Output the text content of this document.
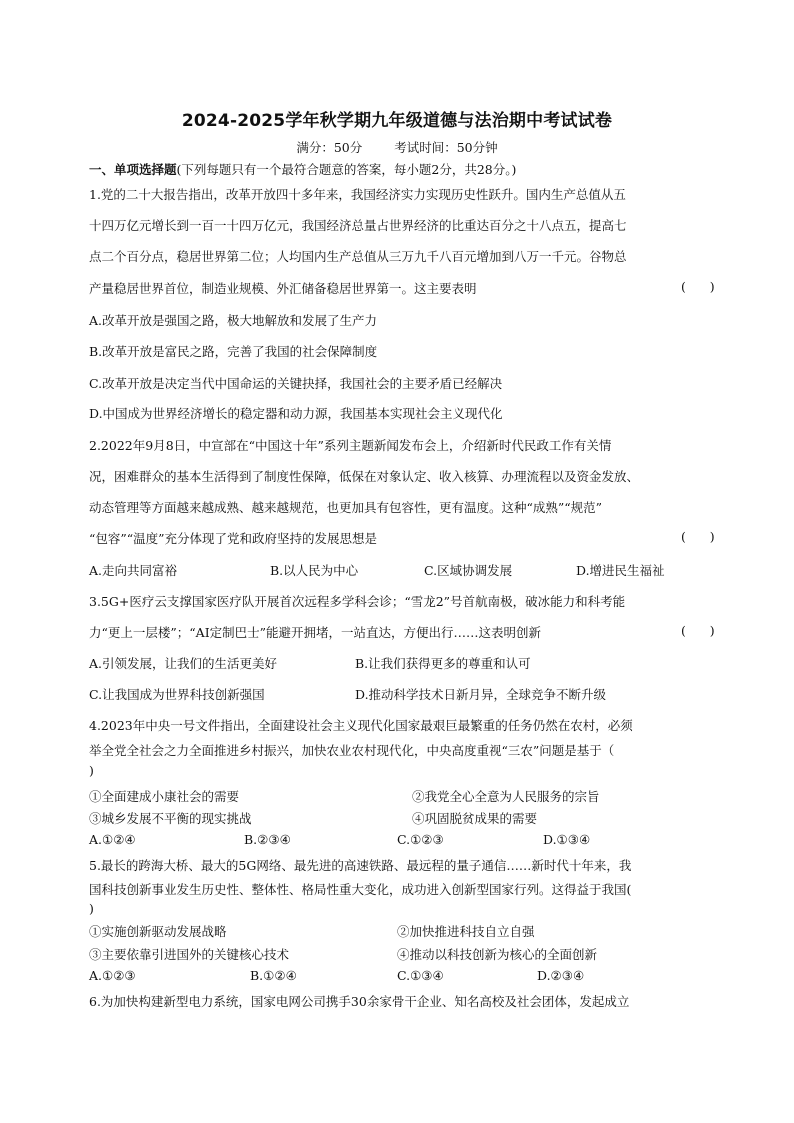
2024-2025学年秋学期九年级道德与法治期中考试试卷
满分：50分	考试时间：50分钟
一、单项选择题(下列每题只有一个最符合题意的答案，每小题2分，共28分。)
1.党的二十大报告指出，改革开放四十多年来，我国经济实力实现历史性跃升。国内生产总值从五
十四万亿元增长到一百一十四万亿元，我国经济总量占世界经济的比重达百分之十八点五，提高七
点二个百分点，稳居世界第二位；人均国内生产总值从三万九千八百元增加到八万一千元。谷物总
产量稳居世界首位，制造业规模、外汇储备稳居世界第一。这主要表明	(      )
A.改革开放是强国之路，极大地解放和发展了生产力
B.改革开放是富民之路，完善了我国的社会保障制度
C.改革开放是决定当代中国命运的关键抉择，我国社会的主要矛盾已经解决
D.中国成为世界经济增长的稳定器和动力源，我国基本实现社会主义现代化
2.2022年9月8日，中宣部在“中国这十年”系列主题新闻发布会上，介绍新时代民政工作有关情
况，困难群众的基本生活得到了制度性保障，低保在对象认定、收入核算、办理流程以及资金发放、
动态管理等方面越来越成熟、越来越规范，也更加具有包容性，更有温度。这种“成熟”“规范”
“包容”“温度”充分体现了党和政府坚持的发展思想是	(      )
A.走向共同富裕	B.以人民为中心	C.区域协调发展	D.增进民生福祉
3.5G+医疗云支撑国家医疗队开展首次远程多学科会诊；“雪龙2”号首航南极，破冰能力和科考能
力“更上一层楼”；“AI定制巴士”能避开拥堵，一站直达，方便出行……这表明创新	(      )
A.引领发展，让我们的生活更美好	B.让我们获得更多的尊重和认可
C.让我国成为世界科技创新强国	D.推动科学技术日新月异，全球竞争不断升级
4.2023年中央一号文件指出，全面建设社会主义现代化国家最艰巨最繁重的任务仍然在农村，必须
举全党全社会之力全面推进乡村振兴，加快农业农村现代化，中央高度重视“三农”问题是基于（
)
①全面建成小康社会的需要	②我党全心全意为人民服务的宗旨
③城乡发展不平衡的现实挑战	④巩固脱贫成果的需要
A.①②④	B.②③④	C.①②③	D.①③④
5.最长的跨海大桥、最大的5G网络、最先进的高速铁路、最远程的量子通信……新时代十年来，我
国科技创新事业发生历史性、整体性、格局性重大变化，成功进入创新型国家行列。这得益于我国(
)
①实施创新驱动发展战略	②加快推进科技自立自强
③主要依靠引进国外的关键核心技术	④推动以科技创新为核心的全面创新
A.①②③	B.①②④	C.①③④	D.②③④
6.为加快构建新型电力系统，国家电网公司携手30余家骨干企业、知名高校及社会团体，发起成立
